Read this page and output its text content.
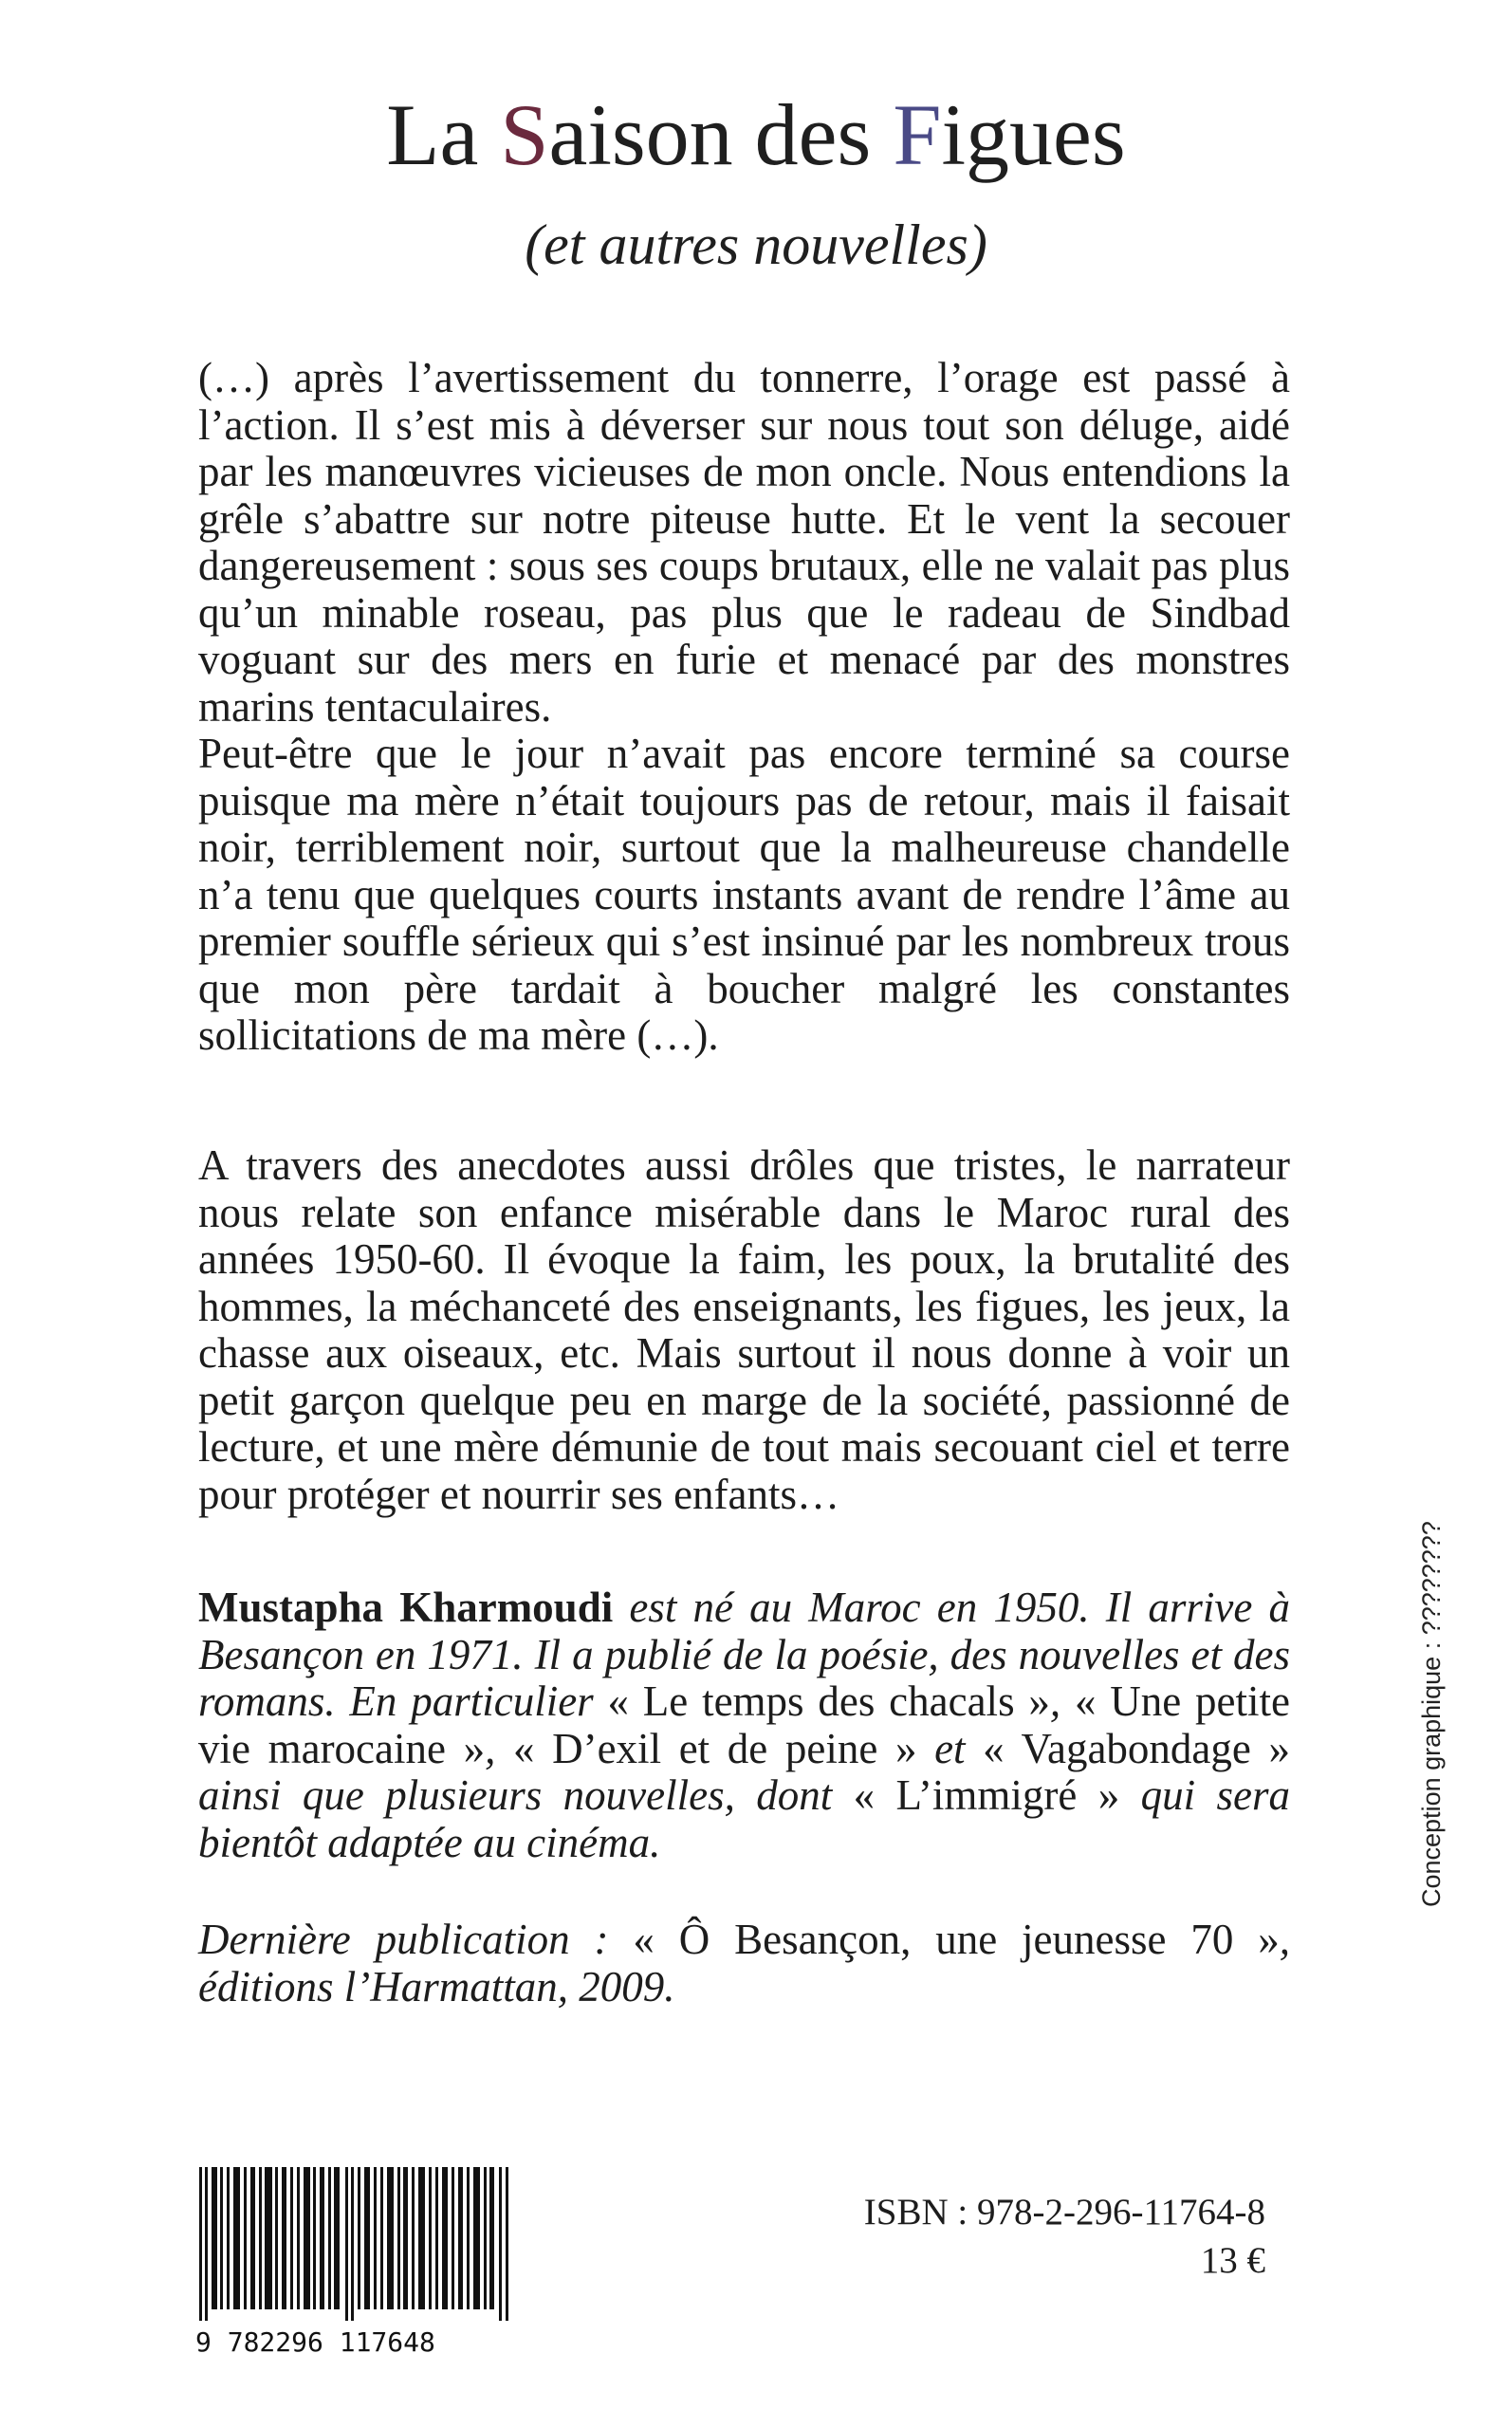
La Saison des Figues
(et autres nouvelles)

(…) après l’avertissement du tonnerre, l’orage est passé à l’action. Il s’est mis à déverser sur nous tout son déluge, aidé par les manœuvres vicieuses de mon oncle. Nous entendions la grêle s’abattre sur notre piteuse hutte. Et le vent la secouer dangereusement : sous ses coups brutaux, elle ne valait pas plus qu’un minable roseau, pas plus que le radeau de Sindbad voguant sur des mers en furie et menacé par des monstres marins tentaculaires.

Peut-être que le jour n’avait pas encore terminé sa course puisque ma mère n’était toujours pas de retour, mais il faisait noir, terriblement noir, surtout que la malheureuse chandelle n’a tenu que quelques courts instants avant de rendre l’âme au premier souffle sérieux qui s’est insinué par les nombreux trous que mon père tardait à boucher malgré les constantes sollicitations de ma mère (…).

A travers des anecdotes aussi drôles que tristes, le narrateur nous relate son enfance misérable dans le Maroc rural des années 1950-60. Il évoque la faim, les poux, la brutalité des hommes, la méchanceté des enseignants, les figues, les jeux, la chasse aux oiseaux, etc. Mais surtout il nous donne à voir un petit garçon quelque peu en marge de la société, passionné de lecture, et une mère démunie de tout mais secouant ciel et terre pour protéger et nourrir ses enfants…

Mustapha Kharmoudi est né au Maroc en 1950. Il arrive à Besançon en 1971. Il a publié de la poésie, des nouvelles et des romans. En particulier « Le temps des chacals », « Une petite vie marocaine », « D’exil et de peine » et « Vagabondage » ainsi que plusieurs nouvelles, dont « L’immigré » qui sera bientôt adaptée au cinéma.

Dernière publication : « Ô Besançon, une jeunesse 70 », éditions l’Harmattan, 2009.

9 782296 117648
ISBN : 978-2-296-11764-8
13 €
Conception graphique : ????????
